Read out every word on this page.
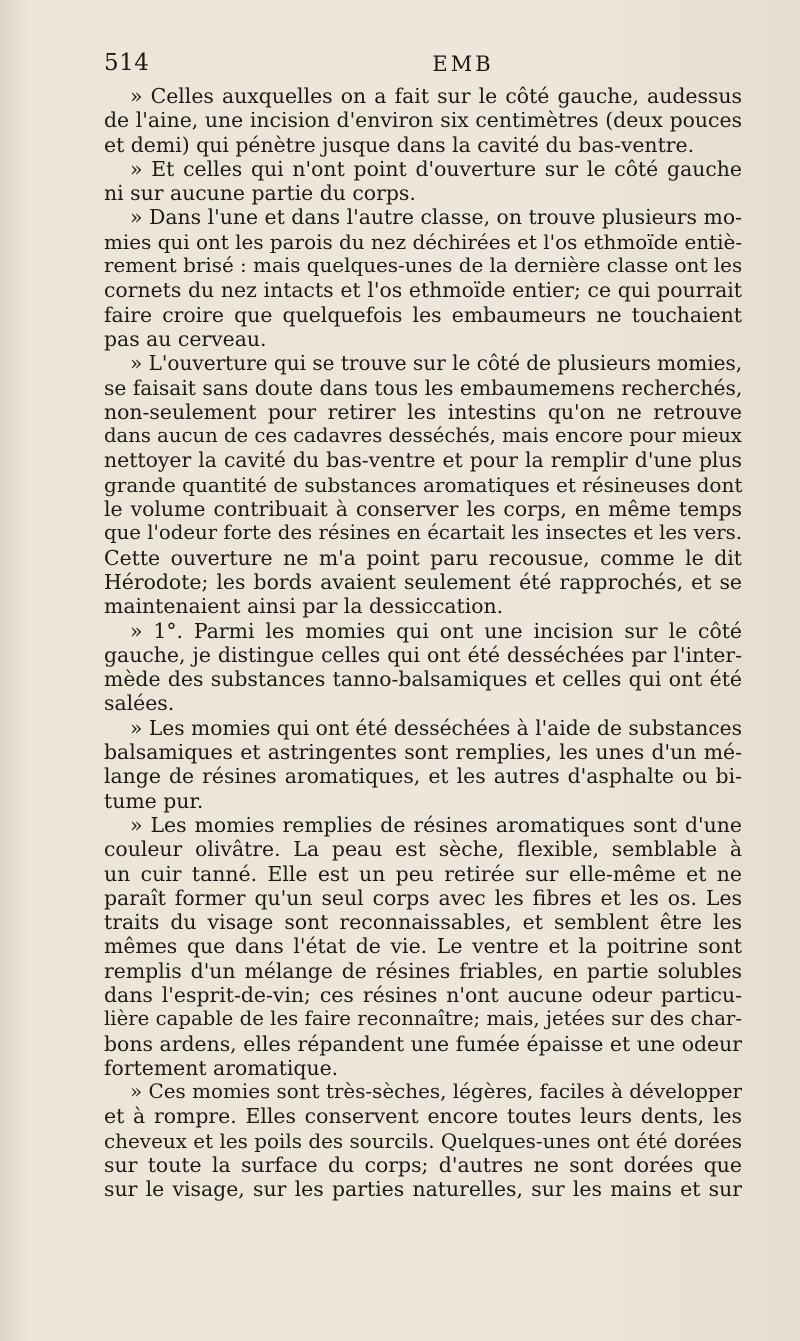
514	EMB
» Celles auxquelles on a fait sur le côté gauche, audessus
de l'aine, une incision d'environ six centimètres (deux pouces
et demi) qui pénètre jusque dans la cavité du bas-ventre.
» Et celles qui n'ont point d'ouverture sur le côté gauche
ni sur aucune partie du corps.
» Dans l'une et dans l'autre classe, on trouve plusieurs mo-
mies qui ont les parois du nez déchirées et l'os ethmoïde entiè-
rement brisé : mais quelques-unes de la dernière classe ont les
cornets du nez intacts et l'os ethmoïde entier; ce qui pourrait
faire croire que quelquefois les embaumeurs ne touchaient
pas au cerveau.
» L'ouverture qui se trouve sur le côté de plusieurs momies,
se faisait sans doute dans tous les embaumemens recherchés,
non-seulement pour retirer les intestins qu'on ne retrouve
dans aucun de ces cadavres desséchés, mais encore pour mieux
nettoyer la cavité du bas-ventre et pour la remplir d'une plus
grande quantité de substances aromatiques et résineuses dont
le volume contribuait à conserver les corps, en même temps
que l'odeur forte des résines en écartait les insectes et les vers.
Cette ouverture ne m'a point paru recousue, comme le dit
Hérodote; les bords avaient seulement été rapprochés, et se
maintenaient ainsi par la dessiccation.
» 1°. Parmi les momies qui ont une incision sur le côté
gauche, je distingue celles qui ont été desséchées par l'inter-
mède des substances tanno-balsamiques et celles qui ont été
salées.
» Les momies qui ont été desséchées à l'aide de substances
balsamiques et astringentes sont remplies, les unes d'un mé-
lange de résines aromatiques, et les autres d'asphalte ou bi-
tume pur.
» Les momies remplies de résines aromatiques sont d'une
couleur olivâtre. La peau est sèche, flexible, semblable à
un cuir tanné. Elle est un peu retirée sur elle-même et ne
paraît former qu'un seul corps avec les fibres et les os. Les
traits du visage sont reconnaissables, et semblent être les
mêmes que dans l'état de vie. Le ventre et la poitrine sont
remplis d'un mélange de résines friables, en partie solubles
dans l'esprit-de-vin; ces résines n'ont aucune odeur particu-
lière capable de les faire reconnaître; mais, jetées sur des char-
bons ardens, elles répandent une fumée épaisse et une odeur
fortement aromatique.
» Ces momies sont très-sèches, légères, faciles à développer
et à rompre. Elles conservent encore toutes leurs dents, les
cheveux et les poils des sourcils. Quelques-unes ont été dorées
sur toute la surface du corps; d'autres ne sont dorées que
sur le visage, sur les parties naturelles, sur les mains et sur
